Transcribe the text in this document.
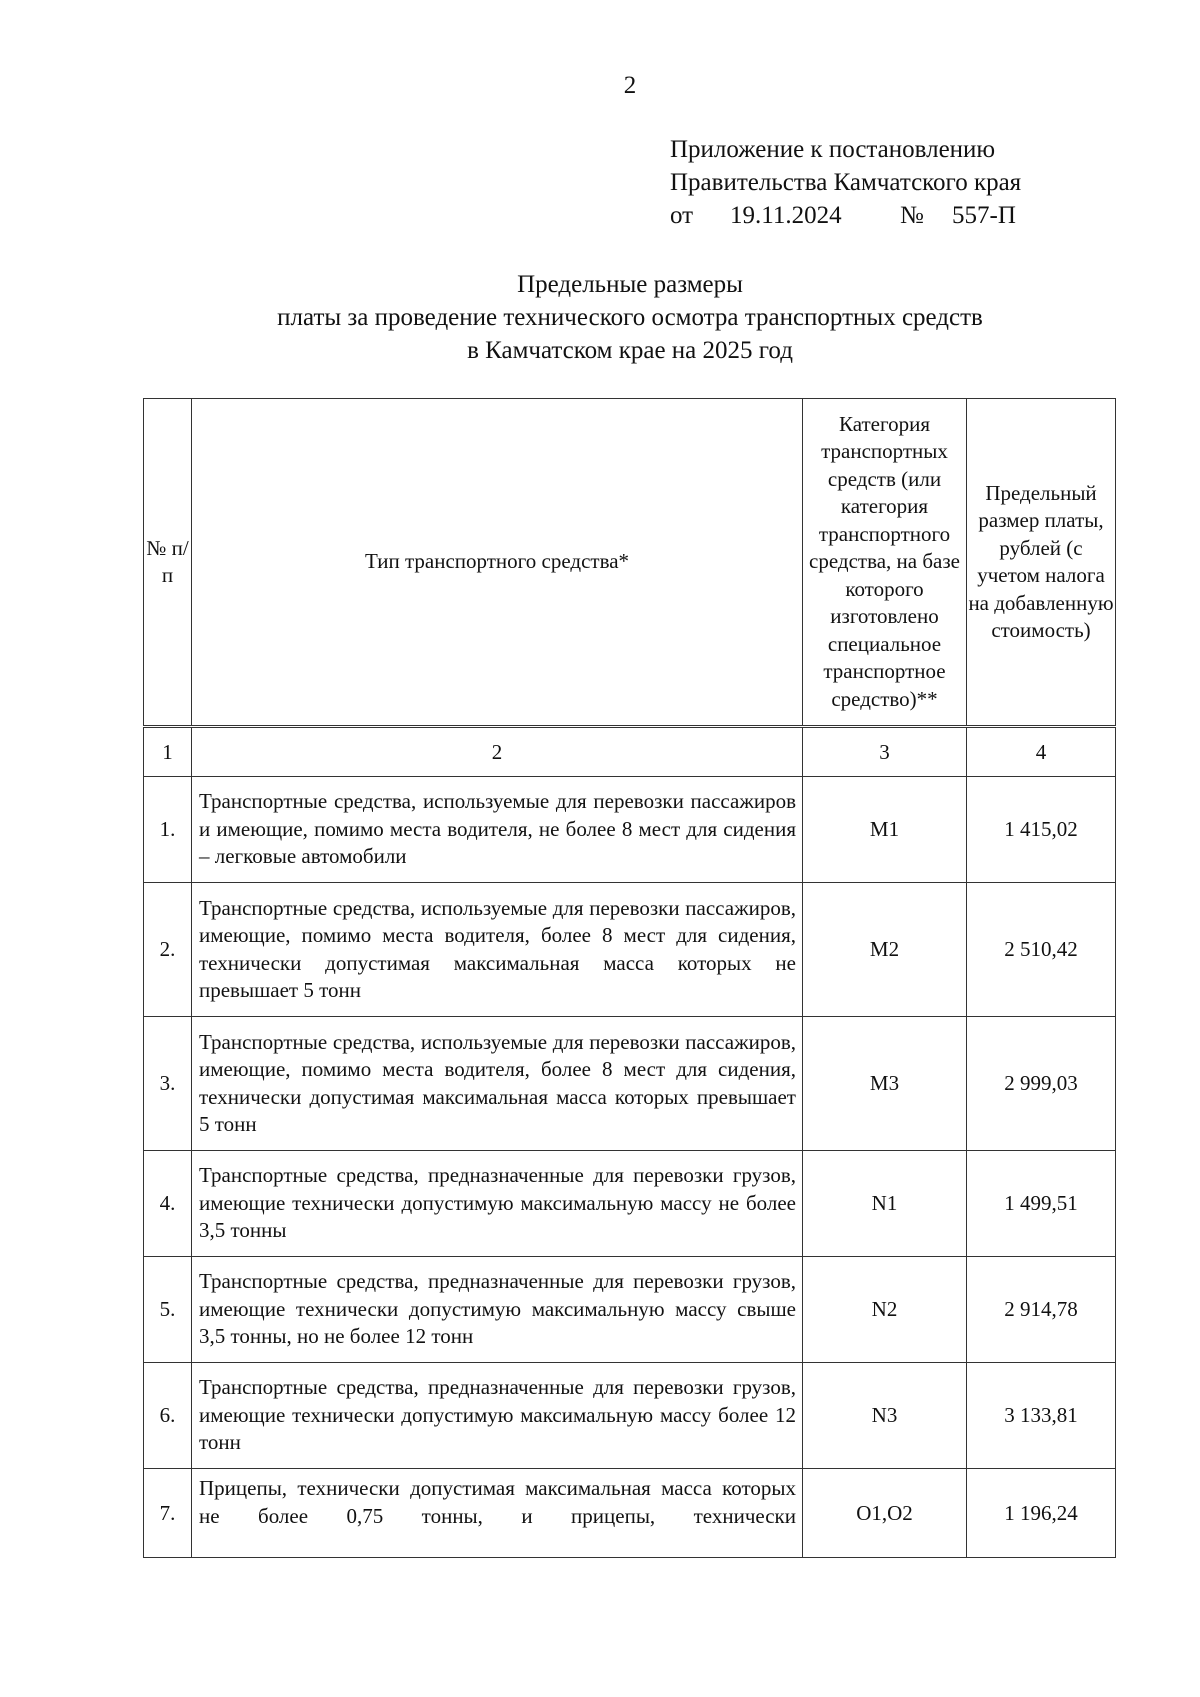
2
Приложение к постановлению
Правительства Камчатского края
от 19.11.2024 № 557-П
Предельные размеры
платы за проведение технического осмотра транспортных средств
в Камчатском крае на 2025 год
№ п/п	Тип транспортного средства*	Категория транспортных средств (или категория транспортного средства, на базе которого изготовлено специальное транспортное средство)**	Предельный размер платы, рублей (с учетом налога на добавленную стоимость)
1	2	3	4
1.	Транспортные средства, используемые для перевозки пассажиров и имеющие, помимо места водителя, не более 8 мест для сидения – легковые автомобили	M1	1 415,02
2.	Транспортные средства, используемые для перевозки пассажиров, имеющие, помимо места водителя, более 8 мест для сидения, технически допустимая максимальная масса которых не превышает 5 тонн	M2	2 510,42
3.	Транспортные средства, используемые для перевозки пассажиров, имеющие, помимо места водителя, более 8 мест для сидения, технически допустимая максимальная масса которых превышает 5 тонн	M3	2 999,03
4.	Транспортные средства, предназначенные для перевозки грузов, имеющие технически допустимую максимальную массу не более 3,5 тонны	N1	1 499,51
5.	Транспортные средства, предназначенные для перевозки грузов, имеющие технически допустимую максимальную массу свыше 3,5 тонны, но не более 12 тонн	N2	2 914,78
6.	Транспортные средства, предназначенные для перевозки грузов, имеющие технически допустимую максимальную массу более 12 тонн	N3	3 133,81
7.	Прицепы, технически допустимая максимальная масса которых не более 0,75 тонны, и прицепы, технически	O1,O2	1 196,24
